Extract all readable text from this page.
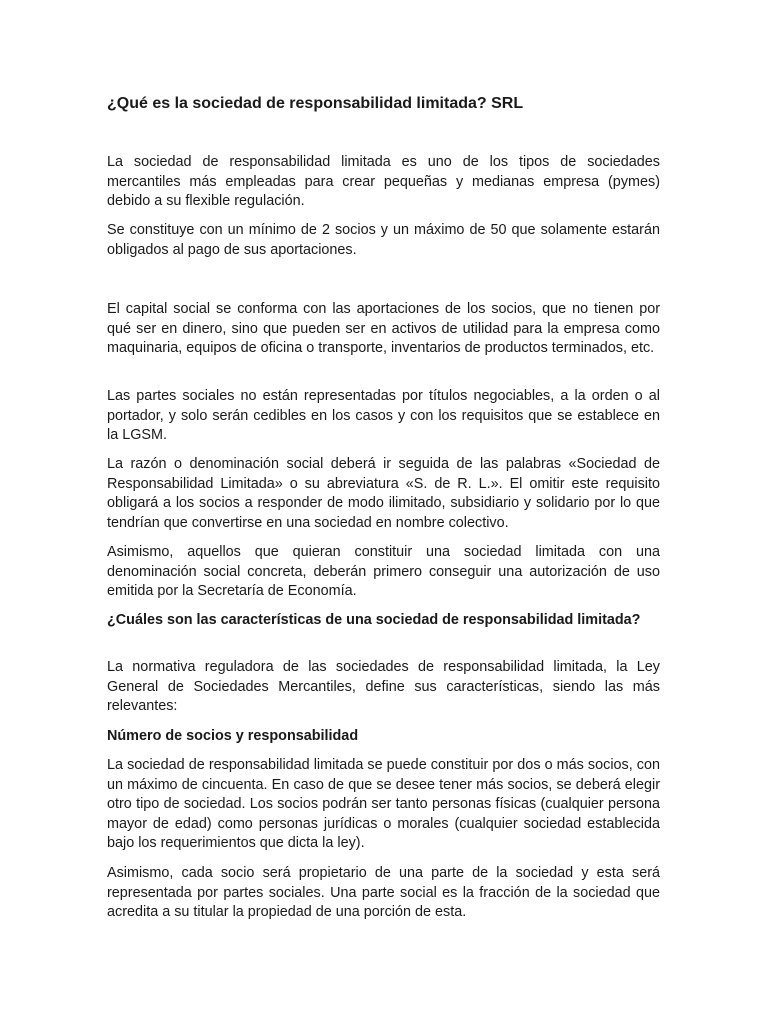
¿Qué es la sociedad de responsabilidad limitada? SRL

La sociedad de responsabilidad limitada es uno de los tipos de sociedades mercantiles más empleadas para crear pequeñas y medianas empresa (pymes) debido a su flexible regulación.

Se constituye con un mínimo de 2 socios y un máximo de 50 que solamente estarán obligados al pago de sus aportaciones.

El capital social se conforma con las aportaciones de los socios, que no tienen por qué ser en dinero, sino que pueden ser en activos de utilidad para la empresa como maquinaria, equipos de oficina o transporte, inventarios de productos terminados, etc.

Las partes sociales no están representadas por títulos negociables, a la orden o al portador, y solo serán cedibles en los casos y con los requisitos que se establece en la LGSM.

La razón o denominación social deberá ir seguida de las palabras «Sociedad de Responsabilidad Limitada» o su abreviatura «S. de R. L.». El omitir este requisito obligará a los socios a responder de modo ilimitado, subsidiario y solidario por lo que tendrían que convertirse en una sociedad en nombre colectivo.

Asimismo, aquellos que quieran constituir una sociedad limitada con una denominación social concreta, deberán primero conseguir una autorización de uso emitida por la Secretaría de Economía.

¿Cuáles son las características de una sociedad de responsabilidad limitada?

La normativa reguladora de las sociedades de responsabilidad limitada, la Ley General de Sociedades Mercantiles, define sus características, siendo las más relevantes:

Número de socios y responsabilidad

La sociedad de responsabilidad limitada se puede constituir por dos o más socios, con un máximo de cincuenta. En caso de que se desee tener más socios, se deberá elegir otro tipo de sociedad. Los socios podrán ser tanto personas físicas (cualquier persona mayor de edad) como personas jurídicas o morales (cualquier sociedad establecida bajo los requerimientos que dicta la ley).

Asimismo, cada socio será propietario de una parte de la sociedad y esta será representada por partes sociales. Una parte social es la fracción de la sociedad que acredita a su titular la propiedad de una porción de esta.
